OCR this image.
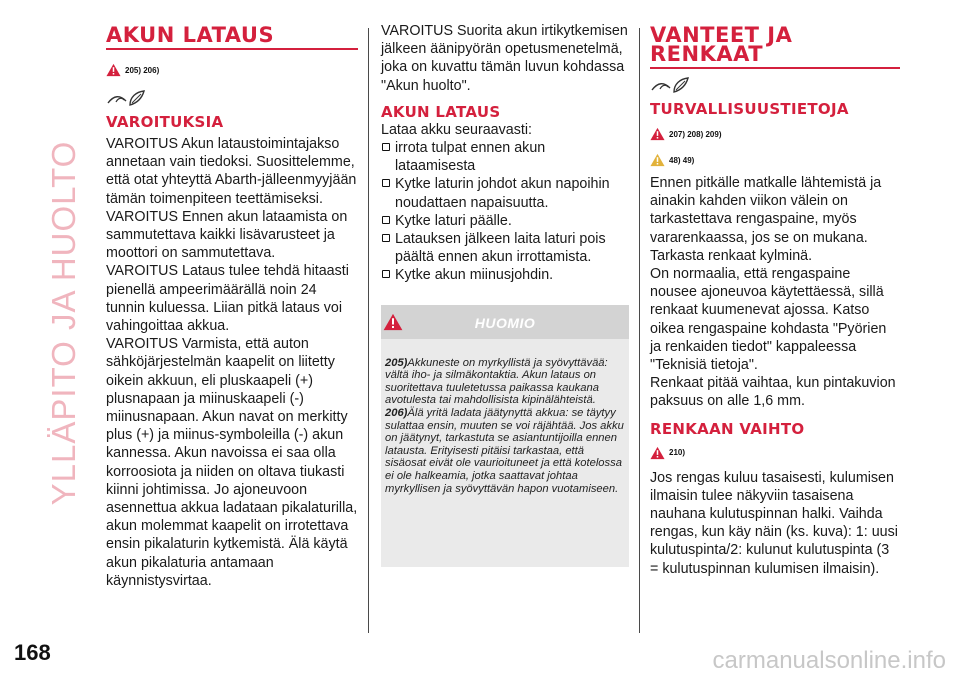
YLLÄPITO JA HUOLTO
AKUN LATAUS
205) 206)
VAROITUKSIA

VAROITUS Akun lataustoimintajakso annetaan vain tiedoksi. Suosittelemme, että otat yhteyttä Abarth-jälleenmyyjään tämän toimenpiteen teettämiseksi.

VAROITUS Ennen akun lataamista on sammutettava kaikki lisävarusteet ja moottori on sammutettava.

VAROITUS Lataus tulee tehdä hitaasti pienellä ampeerimäärällä noin 24 tunnin kuluessa. Liian pitkä lataus voi vahingoittaa akkua.

VAROITUS Varmista, että auton sähköjärjestelmän kaapelit on liitetty oikein akkuun, eli pluskaapeli (+) plusnapaan ja miinuskaapeli (-) miinusnapaan. Akun navat on merkitty plus (+) ja miinus-symboleilla (-) akun kannessa. Akun navoissa ei saa olla korroosiota ja niiden on oltava tiukasti kiinni johtimissa. Jo ajoneuvoon asennettua akkua ladataan pikalaturilla, akun molemmat kaapelit on irrotettava ensin pikalaturin kytkemistä. Älä käytä akun pikalaturia antamaan käynnistysvirtaa.

VAROITUS Suorita akun irtikytkemisen jälkeen äänipyörän opetusmenetelmä, joka on kuvattu tämän luvun kohdassa "Akun huolto".

AKUN LATAUS

Lataa akku seuraavasti:

irrota tulpat ennen akun lataamisesta

Kytke laturin johdot akun napoihin noudattaen napaisuutta.

Kytke laturi päälle.

Latauksen jälkeen laita laturi pois päältä ennen akun irrottamista.

Kytke akun miinusjohdin.

HUOMIO
205)Akkuneste on myrkyllistä ja syövyttävää: vältä iho- ja silmäkontaktia. Akun lataus on suoritettava tuuletetussa paikassa kaukana avotulesta tai mahdollisista kipinälähteistä.
206)Älä yritä ladata jäätynyttä akkua: se täytyy sulattaa ensin, muuten se voi räjähtää. Jos akku on jäätynyt, tarkastuta se asiantuntijoilla ennen latausta. Erityisesti pitäisi tarkastaa, että sisäosat eivät ole vaurioituneet ja että kotelossa ei ole halkeamia, jotka saattavat johtaa myrkyllisen ja syövyttävän hapon vuotamiseen.
VANTEET JA
RENKAAT
TURVALLISUUSTIETOJA
207) 208) 209)
48) 49)

Ennen pitkälle matkalle lähtemistä ja ainakin kahden viikon välein on tarkastettava rengaspaine, myös vararenkaassa, jos se on mukana. Tarkasta renkaat kylminä.

On normaalia, että rengaspaine nousee ajoneuvoa käytettäessä, sillä renkaat kuumenevat ajossa. Katso oikea rengaspaine kohdasta "Pyörien ja renkaiden tiedot" kappaleessa "Teknisiä tietoja".

Renkaat pitää vaihtaa, kun pintakuvion paksuus on alle 1,6 mm.

RENKAAN VAIHTO
210)

Jos rengas kuluu tasaisesti, kulumisen ilmaisin tulee näkyviin tasaisena nauhana kulutuspinnan halki. Vaihda rengas, kun käy näin (ks. kuva): 1: uusi kulutuspinta/2: kulunut kulutuspinta (3 = kulutuspinnan kulumisen ilmaisin).

168	carmanualsonline.info
